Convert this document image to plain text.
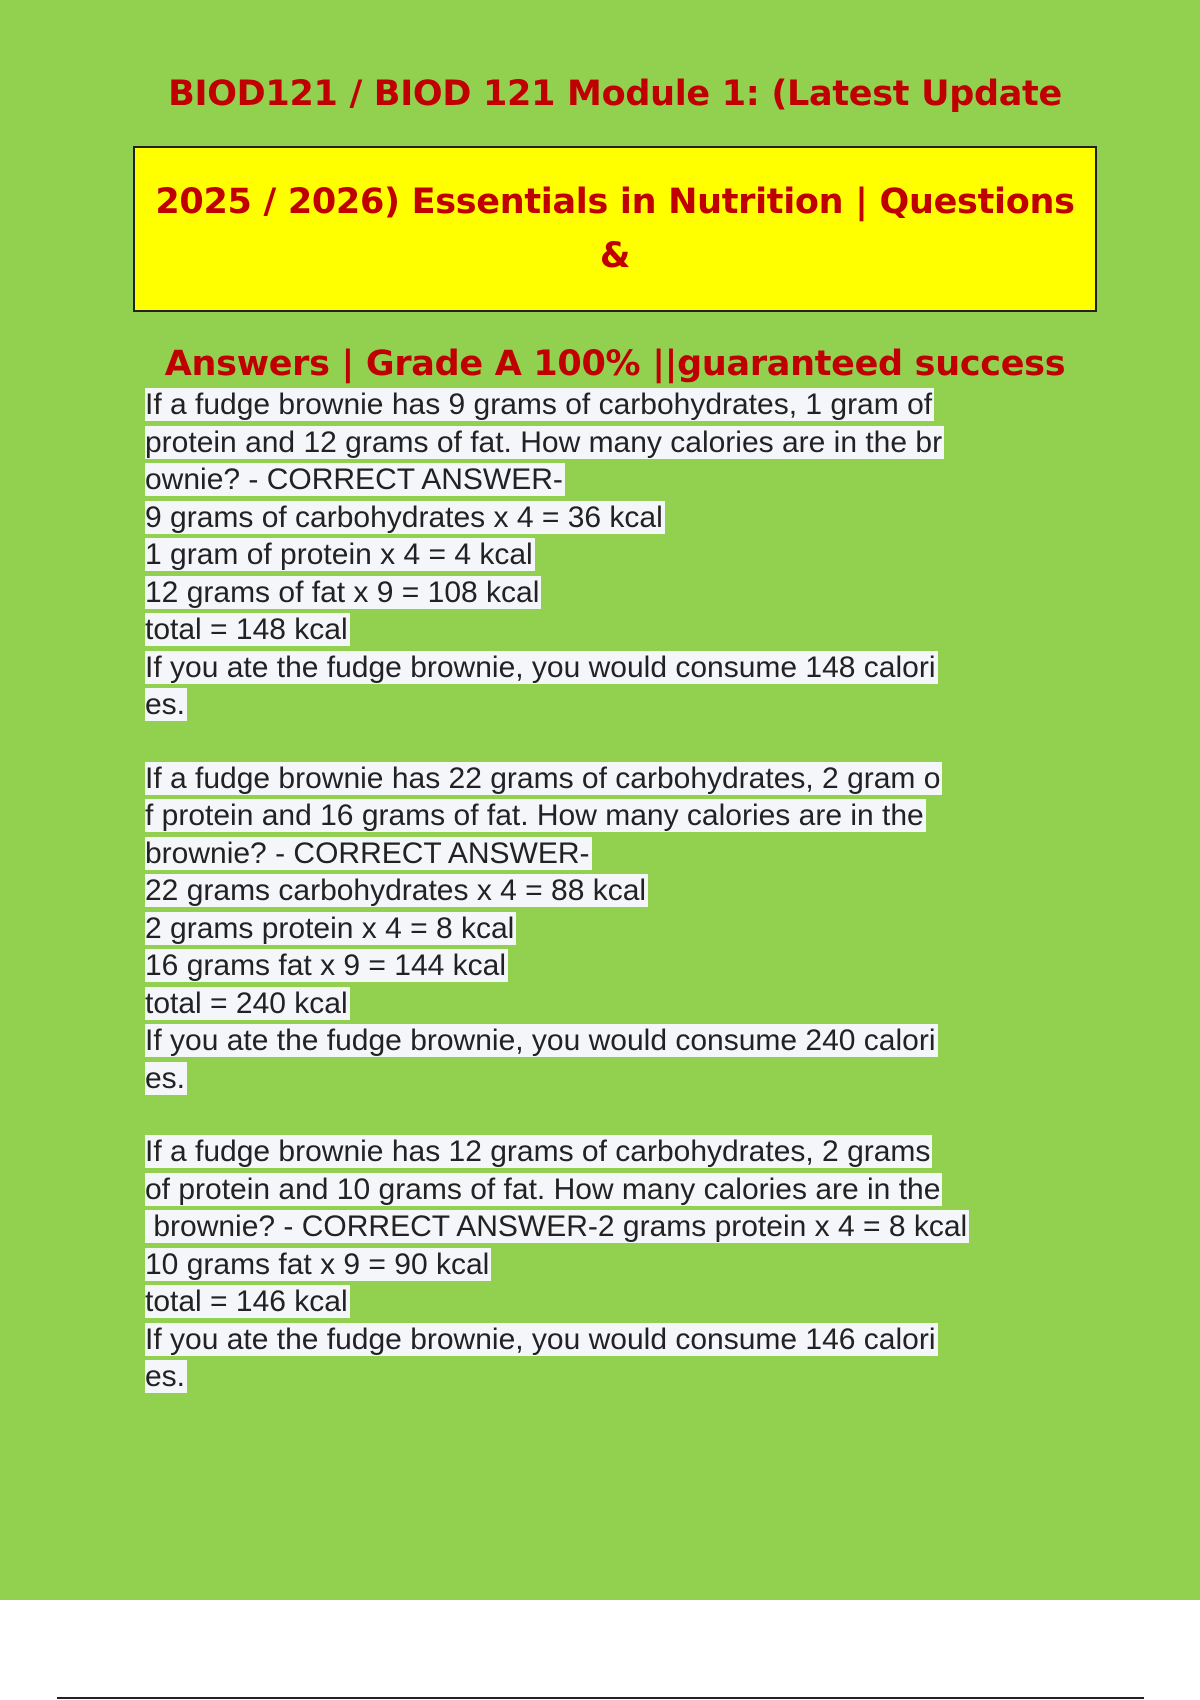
BIOD121 / BIOD 121 Module 1: (Latest Update

2025 / 2026) Essentials in Nutrition | Questions &

Answers | Grade A 100% ||guaranteed success

If a fudge brownie has 9 grams of carbohydrates, 1 gram of
protein and 12 grams of fat. How many calories are in the br
ownie? - CORRECT ANSWER-
9 grams of carbohydrates x 4 = 36 kcal
1 gram of protein x 4 = 4 kcal
12 grams of fat x 9 = 108 kcal
total = 148 kcal
If you ate the fudge brownie, you would consume 148 calori
es.
If a fudge brownie has 22 grams of carbohydrates, 2 gram o
f protein and 16 grams of fat. How many calories are in the
brownie? - CORRECT ANSWER-
22 grams carbohydrates x 4 = 88 kcal
2 grams protein x 4 = 8 kcal
16 grams fat x 9 = 144 kcal
total = 240 kcal
If you ate the fudge brownie, you would consume 240 calori
es.
If a fudge brownie has 12 grams of carbohydrates, 2 grams
of protein and 10 grams of fat. How many calories are in the
brownie? - CORRECT ANSWER-2 grams protein x 4 = 8 kcal
10 grams fat x 9 = 90 kcal
total = 146 kcal
If you ate the fudge brownie, you would consume 146 calori
es.
